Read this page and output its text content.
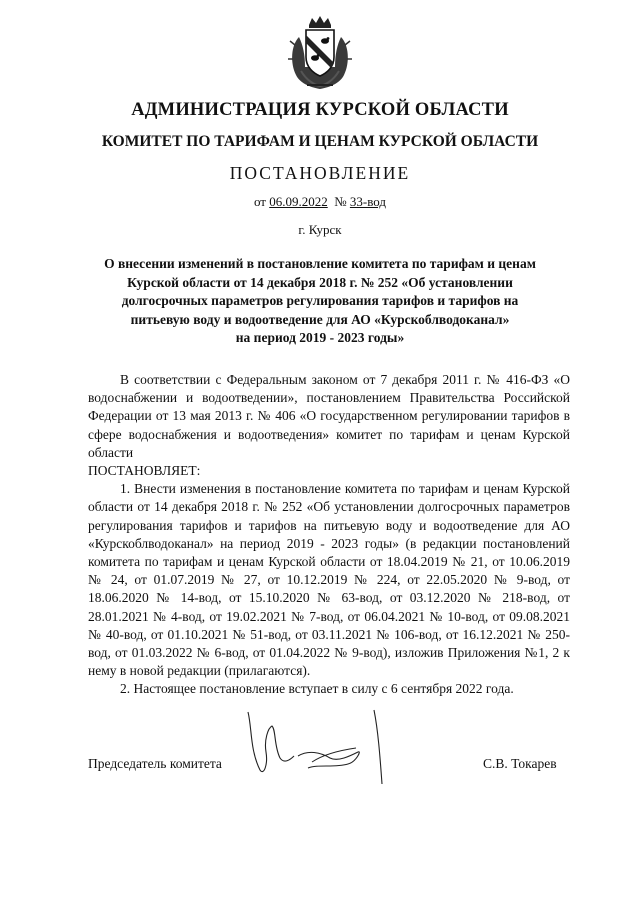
АДМИНИСТРАЦИЯ КУРСКОЙ ОБЛАСТИ
КОМИТЕТ ПО ТАРИФАМ И ЦЕНАМ КУРСКОЙ ОБЛАСТИ
ПОСТАНОВЛЕНИЕ
от 06.09.2022 № 33-вод
г. Курск
О внесении изменений в постановление комитета по тарифам и ценам
Курской области от 14 декабря 2018 г. № 252 «Об установлении
долгосрочных параметров регулирования тарифов и тарифов на
питьевую воду и водоотведение для АО «Курскоблводоканал»
на период 2019 - 2023 годы»

В соответствии с Федеральным законом от 7 декабря 2011 г. № 416-ФЗ «О водоснабжении и водоотведении», постановлением Правительства Российской Федерации от 13 мая 2013 г. № 406 «О государственном регулировании тарифов в сфере водоснабжения и водоотведения» комитет по тарифам и ценам Курской области

ПОСТАНОВЛЯЕТ:

1. Внести изменения в постановление комитета по тарифам и ценам Курской области от 14 декабря 2018 г. № 252 «Об установлении долгосрочных параметров регулирования тарифов и тарифов на питьевую воду и водоотведение для АО «Курскоблводоканал» на период 2019 - 2023 годы» (в редакции постановлений комитета по тарифам и ценам Курской области от 18.04.2019 № 21, от 10.06.2019 № 24, от 01.07.2019 № 27, от 10.12.2019 № 224, от 22.05.2020 № 9-вод, от 18.06.2020 № 14-вод, от 15.10.2020 № 63-вод, от 03.12.2020 № 218-вод, от 28.01.2021 № 4-вод, от 19.02.2021 № 7-вод, от 06.04.2021 № 10-вод, от 09.08.2021 № 40-вод, от 01.10.2021 № 51-вод, от 03.11.2021 № 106-вод, от 16.12.2021 № 250-вод, от 01.03.2022 № 6-вод, от 01.04.2022 № 9-вод), изложив Приложения №1, 2 к нему в новой редакции (прилагаются).

2. Настоящее постановление вступает в силу с 6 сентября 2022 года.

Председатель комитета	С.В. Токарев
